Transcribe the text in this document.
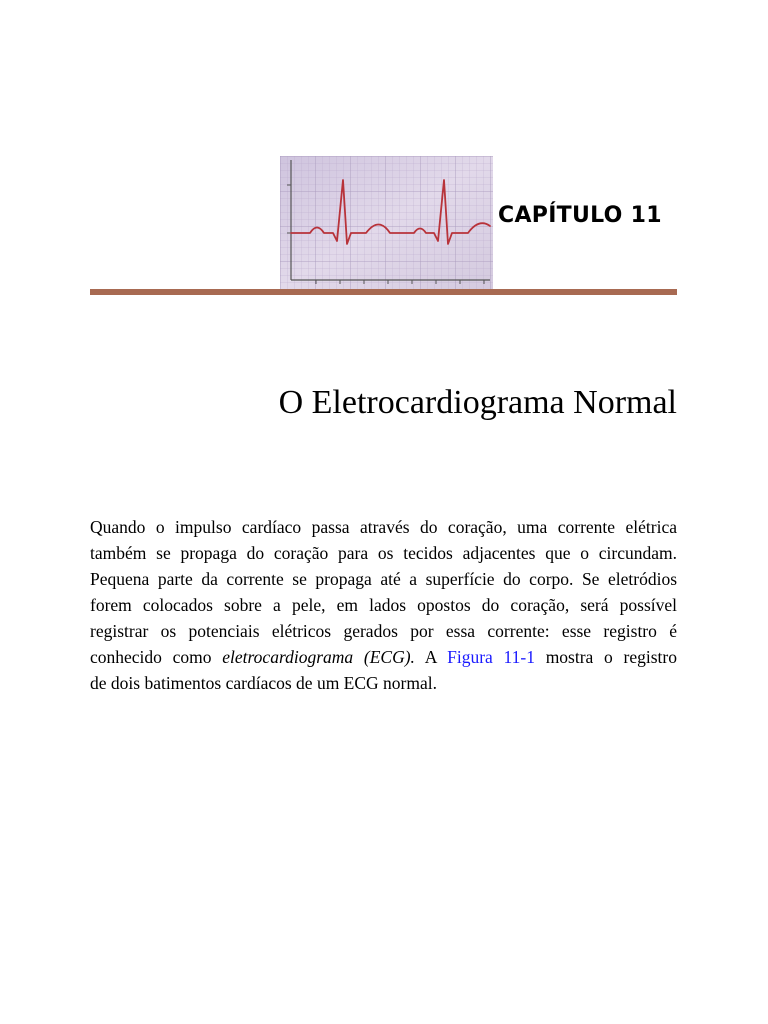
CAPÍTULO 11
O Eletrocardiograma Normal
Quando o impulso cardíaco passa através do coração, uma corrente elétrica
também se propaga do coração para os tecidos adjacentes que o circundam.
Pequena parte da corrente se propaga até a superfície do corpo. Se eletródios
forem colocados sobre a pele, em lados opostos do coração, será possível
registrar os potenciais elétricos gerados por essa corrente: esse registro é
conhecido como eletrocardiograma (ECG). A Figura 11-1 mostra o registro
de dois batimentos cardíacos de um ECG normal.
